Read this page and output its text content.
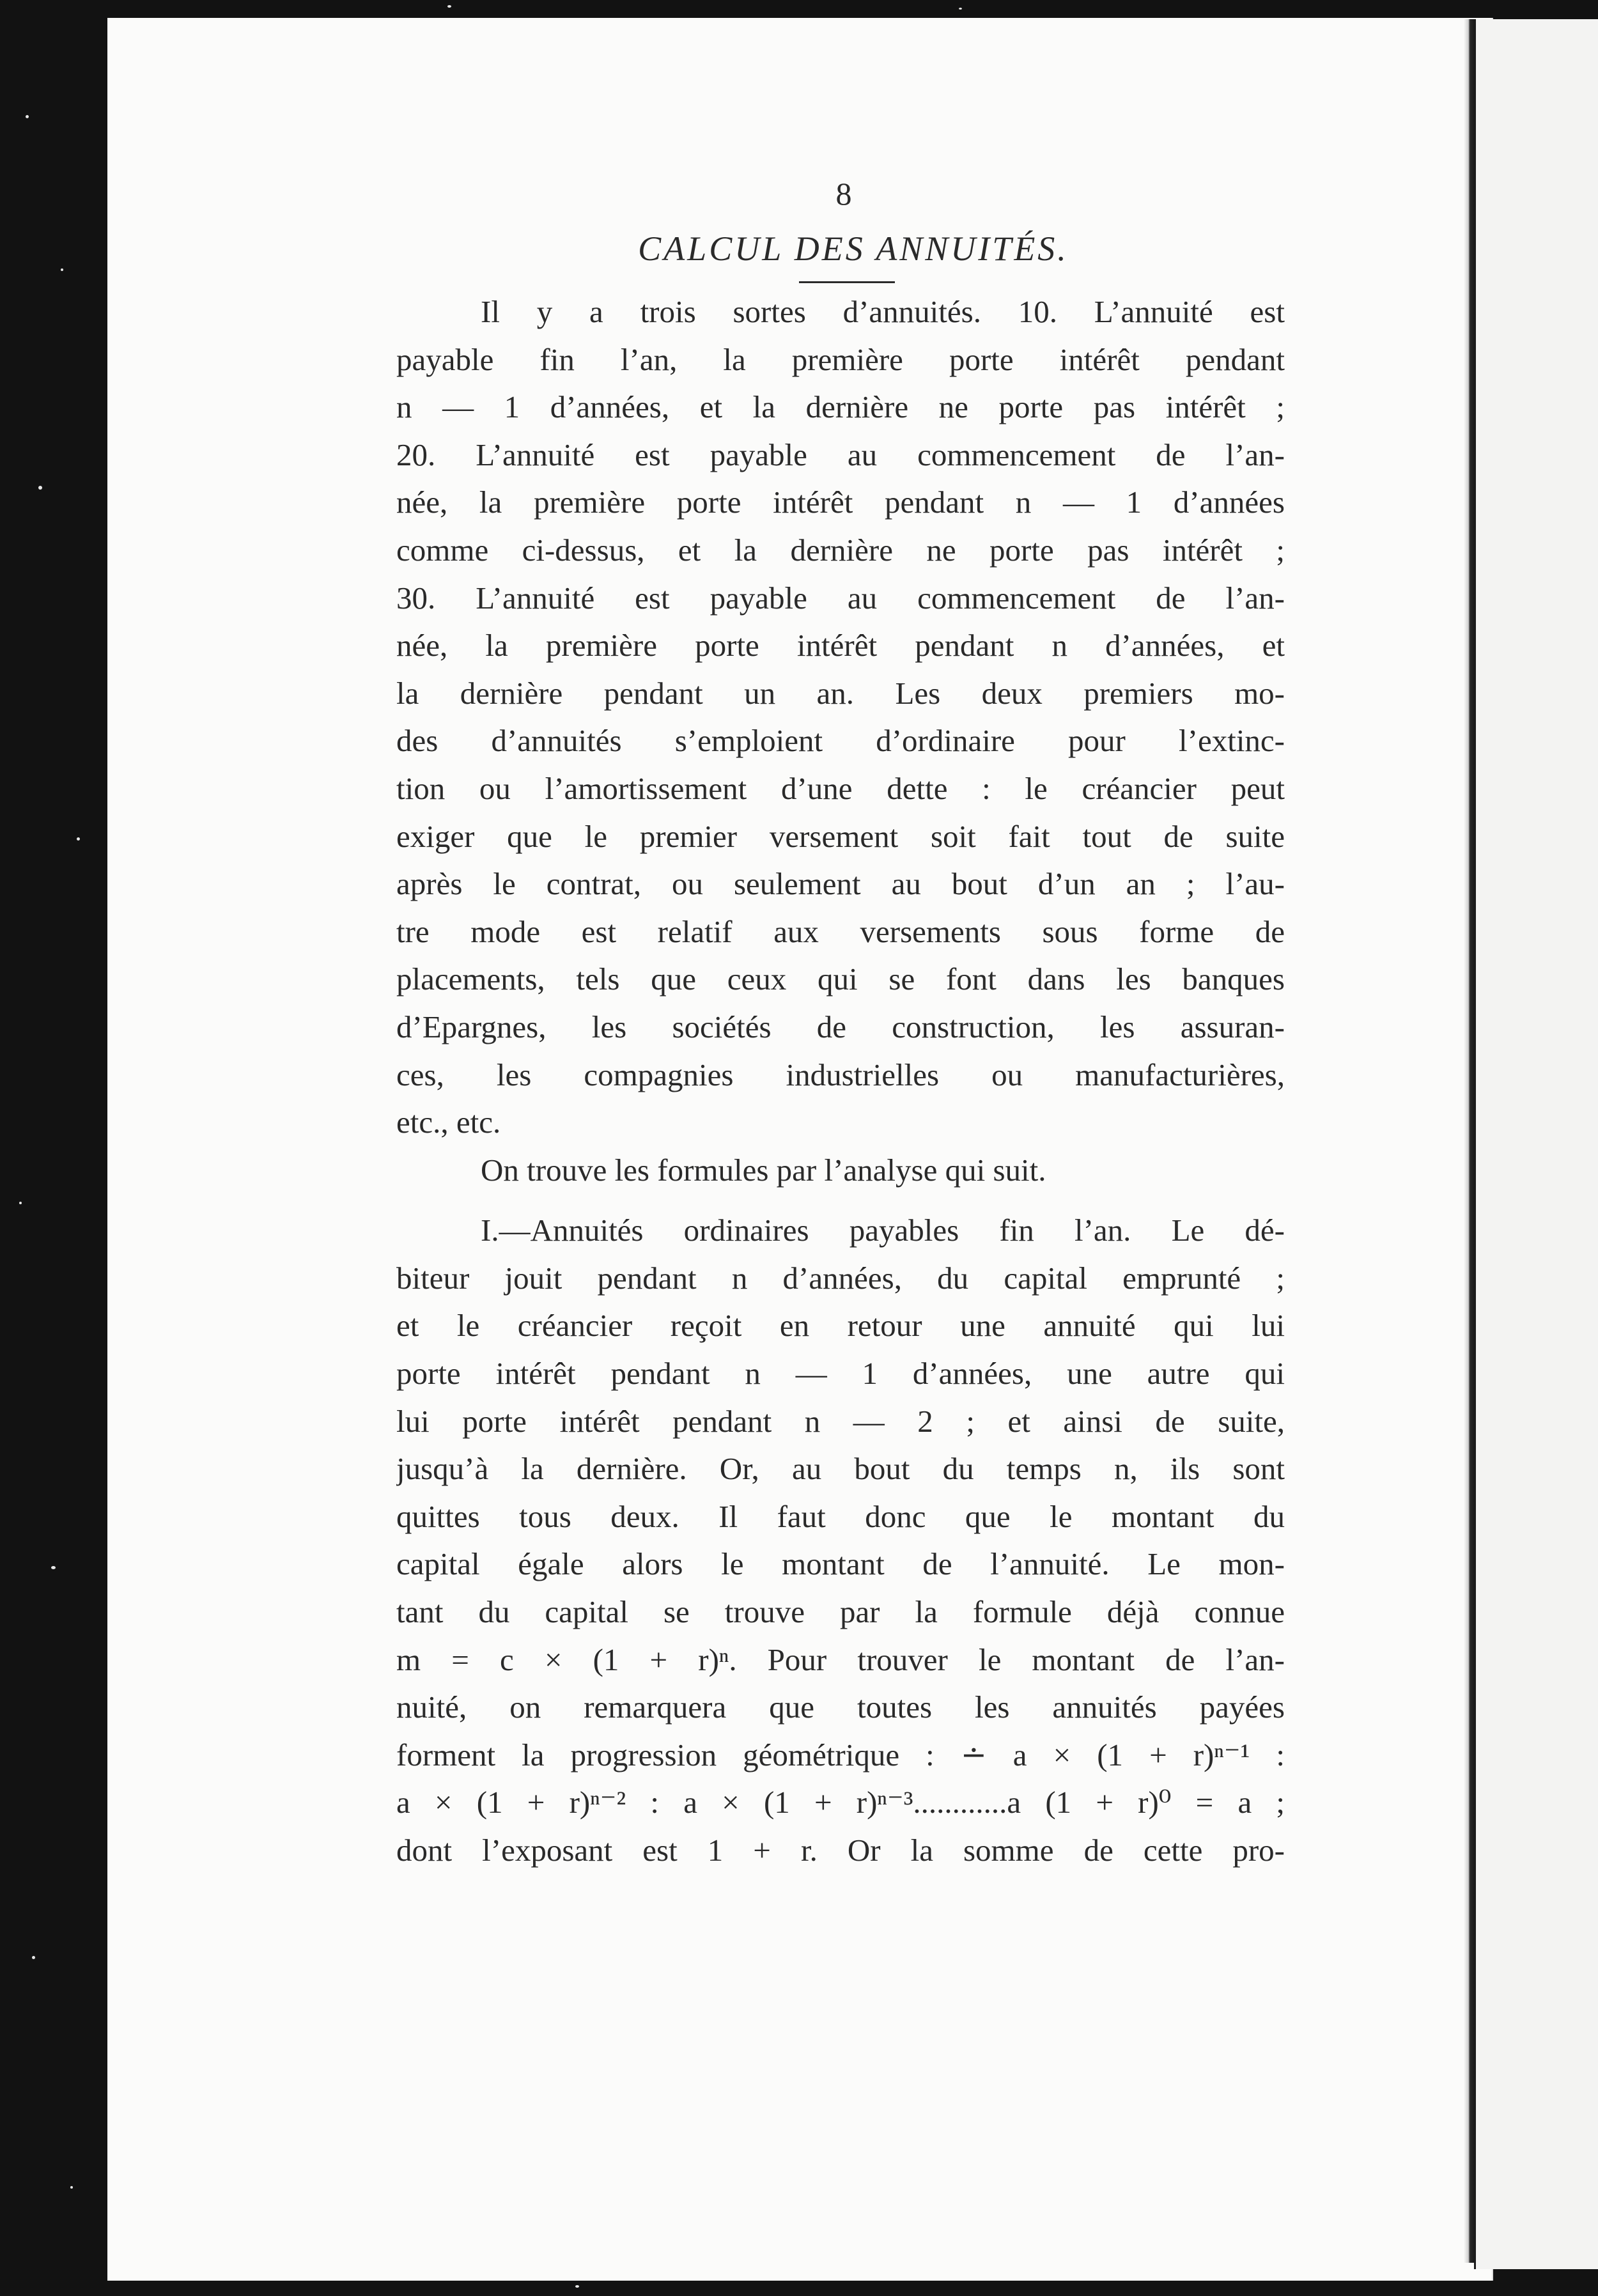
8
CALCUL DES ANNUITÉS.
Il y a trois sortes d’annuités. 10. L’annuité est
payable fin l’an, la première porte intérêt pendant
n — 1 d’années, et la dernière ne porte pas intérêt ;
20. L’annuité est payable au commencement de l’an-
née, la première porte intérêt pendant n — 1 d’années
comme ci-dessus, et la dernière ne porte pas intérêt ;
30. L’annuité est payable au commencement de l’an-
née, la première porte intérêt pendant n d’années, et
la dernière pendant un an. Les deux premiers mo-
des d’annuités s’emploient d’ordinaire pour l’extinc-
tion ou l’amortissement d’une dette : le créancier peut
exiger que le premier versement soit fait tout de suite
après le contrat, ou seulement au bout d’un an ; l’au-
tre mode est relatif aux versements sous forme de
placements, tels que ceux qui se font dans les banques
d’Epargnes, les sociétés de construction, les assuran-
ces, les compagnies industrielles ou manufacturières,
etc., etc.
On trouve les formules par l’analyse qui suit.
I.—Annuités ordinaires payables fin l’an. Le dé-
biteur jouit pendant n d’années, du capital emprunté ;
et le créancier reçoit en retour une annuité qui lui
porte intérêt pendant n — 1 d’années, une autre qui
lui porte intérêt pendant n — 2 ; et ainsi de suite,
jusqu’à la dernière. Or, au bout du temps n, ils sont
quittes tous deux. Il faut donc que le montant du
capital égale alors le montant de l’annuité. Le mon-
tant du capital se trouve par la formule déjà connue
m = c × (1 + r)ⁿ. Pour trouver le montant de l’an-
nuité, on remarquera que toutes les annuités payées
forment la progression géométrique : ∸ a × (1 + r)ⁿ⁻¹ :
a × (1 + r)ⁿ⁻² : a × (1 + r)ⁿ⁻³............a (1 + r)⁰ = a ;
dont l’exposant est 1 + r. Or la somme de cette pro-
